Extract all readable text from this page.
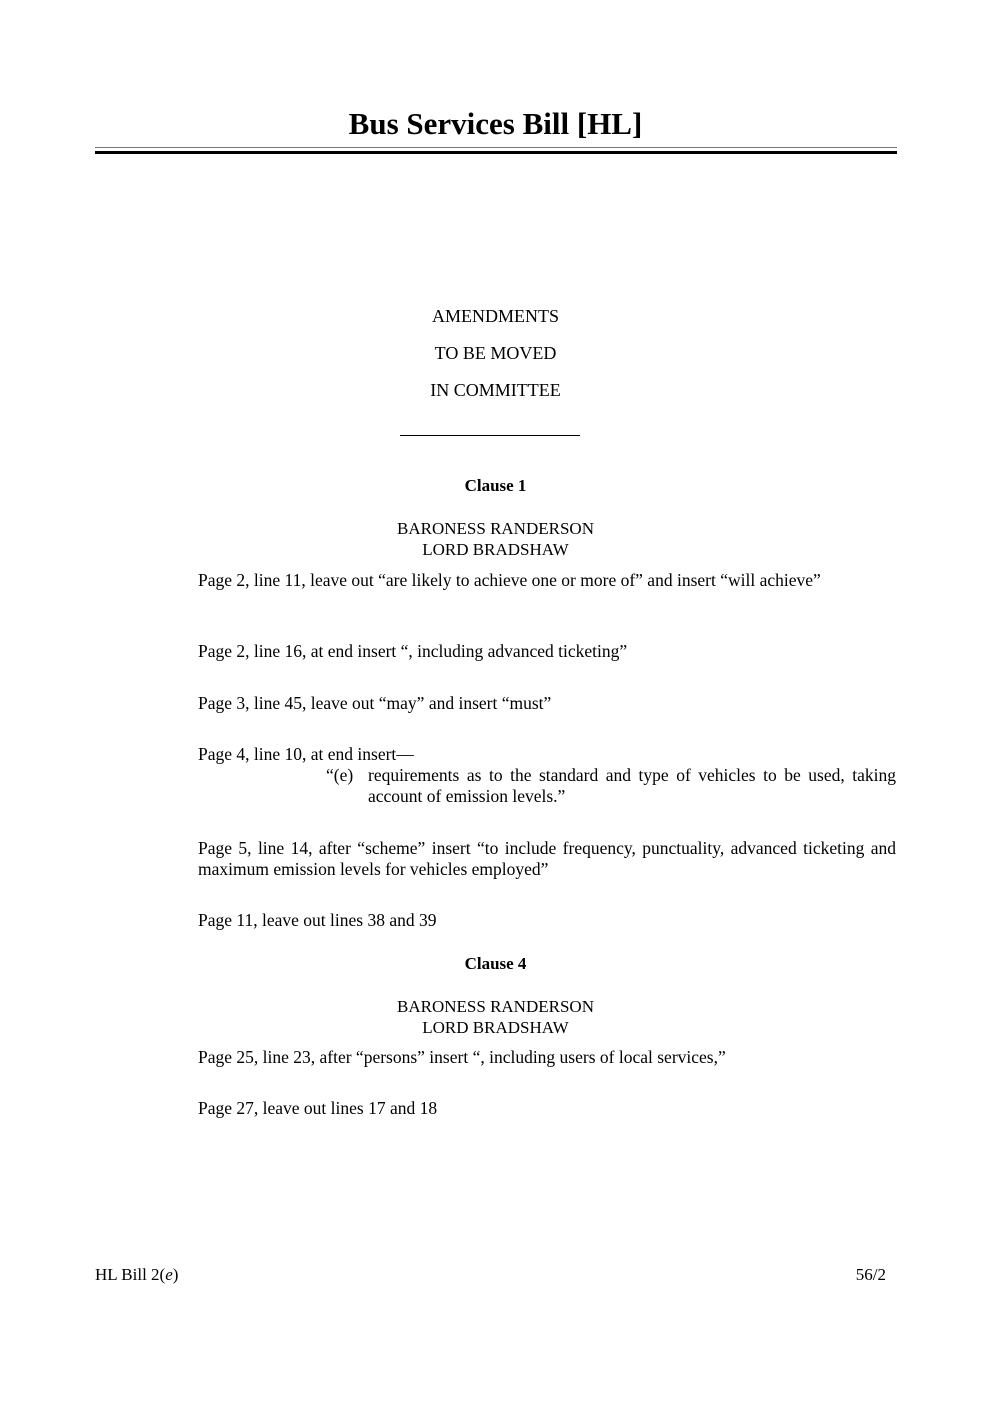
Bus Services Bill [HL]
AMENDMENTS
TO BE MOVED
IN COMMITTEE
Clause 1
BARONESS RANDERSON
LORD BRADSHAW
Page 2, line 11, leave out “are likely to achieve one or more of” and insert “will achieve”
Page 2, line 16, at end insert “, including advanced ticketing”
Page 3, line 45, leave out “may” and insert “must”
Page 4, line 10, at end insert—
“(e) requirements as to the standard and type of vehicles to be used, taking account of emission levels.”
Page 5, line 14, after “scheme” insert “to include frequency, punctuality, advanced ticketing and maximum emission levels for vehicles employed”
Page 11, leave out lines 38 and 39
Clause 4
BARONESS RANDERSON
LORD BRADSHAW
Page 25, line 23, after “persons” insert “, including users of local services,”
Page 27, leave out lines 17 and 18
HL Bill 2(e)	56/2
